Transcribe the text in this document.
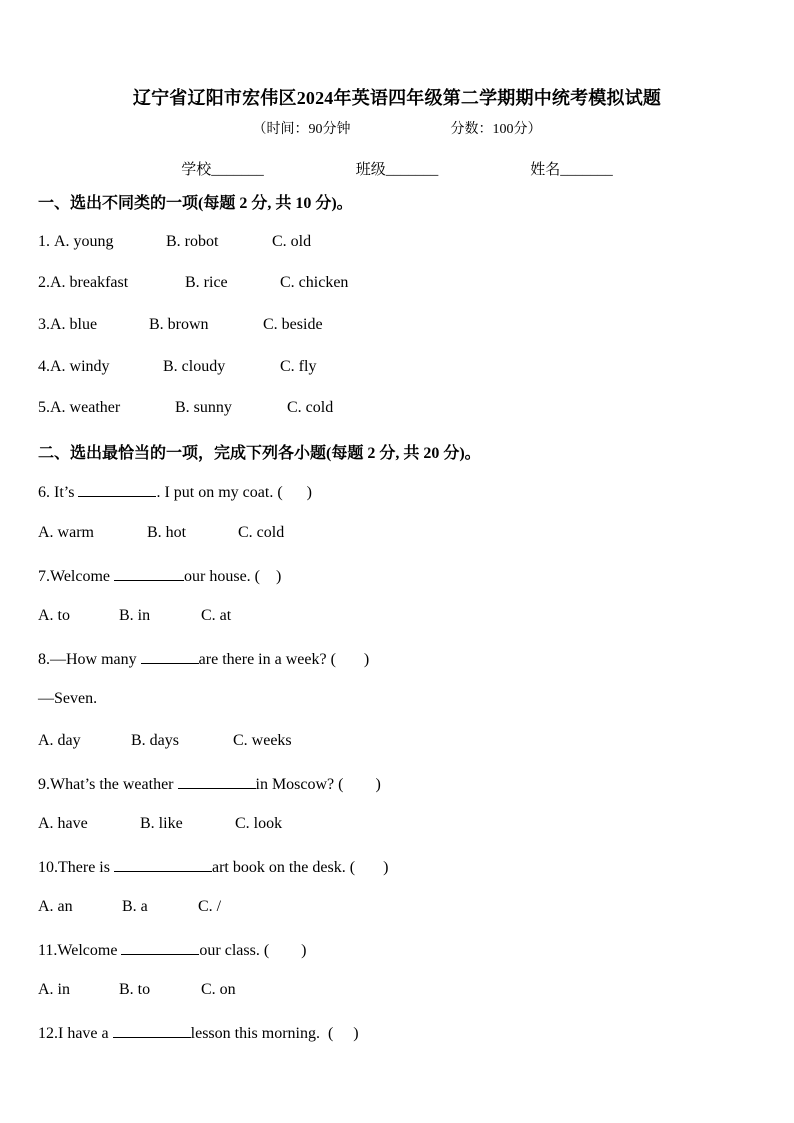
辽宁省辽阳市宏伟区2024年英语四年级第二学期期中统考模拟试题
（时间：90分钟	分数：100分）
学校_______	班级_______	姓名_______
一、选出不同类的一项(每题 2 分, 共 10 分)。
1. A. young	B. robot	C. old
2.A. breakfast	B. rice	C. chicken
3.A. blue	B. brown	C. beside
4.A. windy	B. cloudy	C. fly
5.A. weather	B. sunny	C. cold
二、选出最恰当的一项，完成下列各小题(每题 2 分, 共 20 分)。
6. It’s	. I put on my coat. (      )
A. warm	B. hot	C. cold
7.Welcome	our house. (    )
A. to	B. in	C. at
8.—How many	are there in a week? (       )
—Seven.
A. day	B. days	C. weeks
9.What’s the weather	in Moscow? (        )
A. have	B. like	C. look
10.There is	art book on the desk. (       )
A. an	B. a	C. /
11.Welcome	our class. (        )
A. in	B. to	C. on
12.I have a	lesson this morning.  (     )
